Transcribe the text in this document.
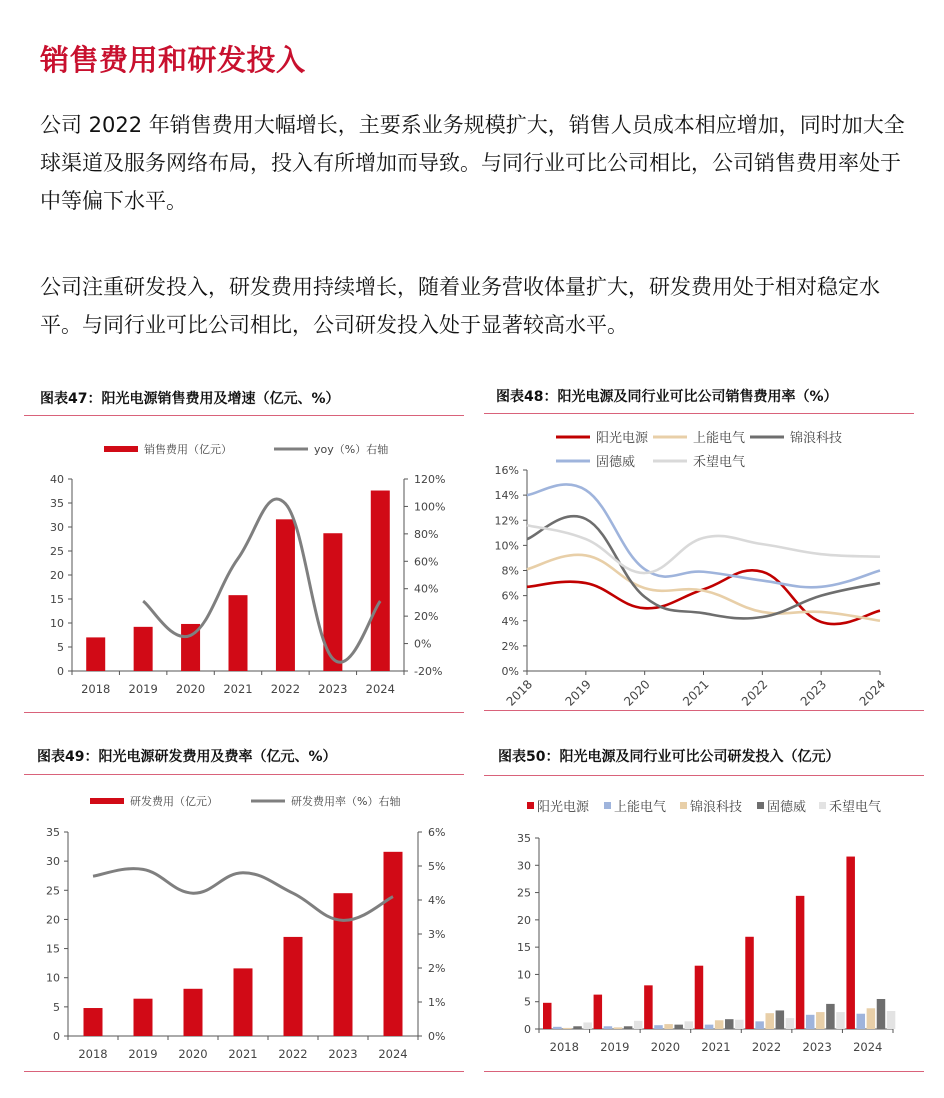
销售费用和研发投入

公司 2022 年销售费用大幅增长，主要系业务规模扩大，销售人员成本相应增加，同时加大全球渠道及服务网络布局，投入有所增加而导致。与同行业可比公司相比，公司销售费用率处于中等偏下水平。

公司注重研发投入，研发费用持续增长，随着业务营收体量扩大，研发费用处于相对稳定水平。与同行业可比公司相比，公司研发投入处于显著较高水平。

图表47：阳光电源销售费用及增速（亿元、%）
0
5
10
15
20
25
30
35
40
-20%
0%
20%
40%
60%
80%
100%
120%
2018 2019 2020 2021 2022 2023 2024
销售费用（亿元）	yoy（%）右轴
图表48：阳光电源及同行业可比公司销售费用率（%）
0%
2%
4%
6%
8%
10%
12%
14%
16%
2018 2019 2020 2021 2022 2023 2024
阳光电源	上能电气	锦浪科技
固德威	禾望电气
图表49：阳光电源研发费用及费率（亿元、%）
0
5
10
15
20
25
30
35
0%
1%
2%
3%
4%
5%
6%
2018 2019 2020 2021 2022 2023 2024
研发费用（亿元）	研发费用率（%）右轴
图表50：阳光电源及同行业可比公司研发投入（亿元）
0
5
10
15
20
25
30
35
2018 2019 2020 2021 2022 2023 2024
阳光电源 上能电气 锦浪科技 固德威 禾望电气
